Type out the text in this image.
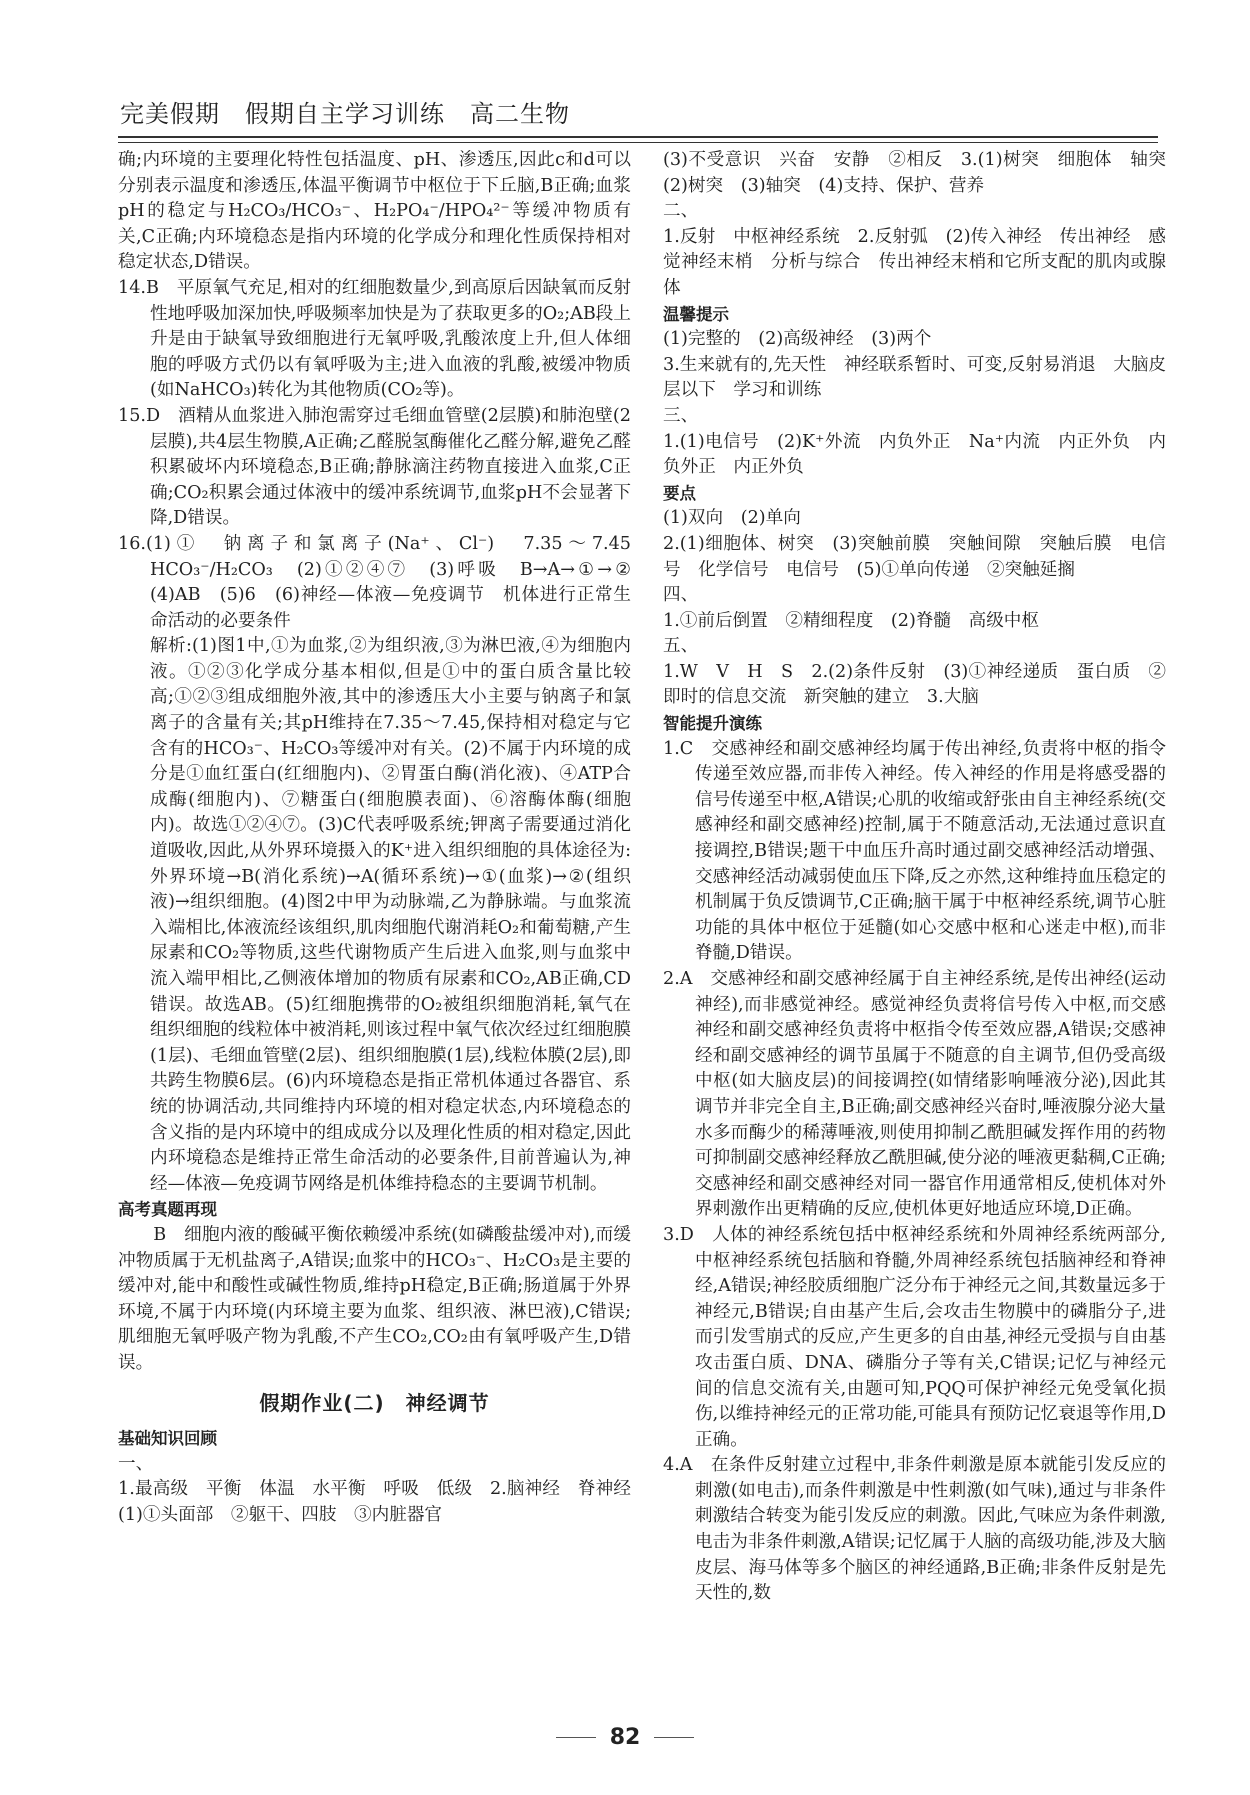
完美假期　假期自主学习训练　高二生物

确;内环境的主要理化特性包括温度、pH、渗透压,因此c和d可以分别表示温度和渗透压,体温平衡调节中枢位于下丘脑,B正确;血浆pH的稳定与H₂CO₃/HCO₃⁻、H₂PO₄⁻/HPO₄²⁻等缓冲物质有关,C正确;内环境稳态是指内环境的化学成分和理化性质保持相对稳定状态,D错误。

14.B　平原氧气充足,相对的红细胞数量少,到高原后因缺氧而反射性地呼吸加深加快,呼吸频率加快是为了获取更多的O₂;AB段上升是由于缺氧导致细胞进行无氧呼吸,乳酸浓度上升,但人体细胞的呼吸方式仍以有氧呼吸为主;进入血液的乳酸,被缓冲物质(如NaHCO₃)转化为其他物质(CO₂等)。

15.D　酒精从血浆进入肺泡需穿过毛细血管壁(2层膜)和肺泡壁(2层膜),共4层生物膜,A正确;乙醛脱氢酶催化乙醛分解,避免乙醛积累破坏内环境稳态,B正确;静脉滴注药物直接进入血浆,C正确;CO₂积累会通过体液中的缓冲系统调节,血浆pH不会显著下降,D错误。

16.(1)①　钠离子和氯离子(Na⁺、Cl⁻)　7.35～7.45　HCO₃⁻/H₂CO₃　(2)①②④⑦　(3)呼吸　B→A→①→②　(4)AB　(5)6　(6)神经—体液—免疫调节　机体进行正常生命活动的必要条件

解析:(1)图1中,①为血浆,②为组织液,③为淋巴液,④为细胞内液。①②③化学成分基本相似,但是①中的蛋白质含量比较高;①②③组成细胞外液,其中的渗透压大小主要与钠离子和氯离子的含量有关;其pH维持在7.35～7.45,保持相对稳定与它含有的HCO₃⁻、H₂CO₃等缓冲对有关。(2)不属于内环境的成分是①血红蛋白(红细胞内)、②胃蛋白酶(消化液)、④ATP合成酶(细胞内)、⑦糖蛋白(细胞膜表面)、⑥溶酶体酶(细胞内)。故选①②④⑦。(3)C代表呼吸系统;钾离子需要通过消化道吸收,因此,从外界环境摄入的K⁺进入组织细胞的具体途径为:外界环境→B(消化系统)→A(循环系统)→①(血浆)→②(组织液)→组织细胞。(4)图2中甲为动脉端,乙为静脉端。与血浆流入端相比,体液流经该组织,肌肉细胞代谢消耗O₂和葡萄糖,产生尿素和CO₂等物质,这些代谢物质产生后进入血浆,则与血浆中流入端甲相比,乙侧液体增加的物质有尿素和CO₂,AB正确,CD错误。故选AB。(5)红细胞携带的O₂被组织细胞消耗,氧气在组织细胞的线粒体中被消耗,则该过程中氧气依次经过红细胞膜(1层)、毛细血管壁(2层)、组织细胞膜(1层),线粒体膜(2层),即共跨生物膜6层。(6)内环境稳态是指正常机体通过各器官、系统的协调活动,共同维持内环境的相对稳定状态,内环境稳态的含义指的是内环境中的组成成分以及理化性质的相对稳定,因此内环境稳态是维持正常生命活动的必要条件,目前普遍认为,神经—体液—免疫调节网络是机体维持稳态的主要调节机制。

高考真题再现

B　细胞内液的酸碱平衡依赖缓冲系统(如磷酸盐缓冲对),而缓冲物质属于无机盐离子,A错误;血浆中的HCO₃⁻、H₂CO₃是主要的缓冲对,能中和酸性或碱性物质,维持pH稳定,B正确;肠道属于外界环境,不属于内环境(内环境主要为血浆、组织液、淋巴液),C错误;肌细胞无氧呼吸产物为乳酸,不产生CO₂,CO₂由有氧呼吸产生,D错误。

假期作业(二)　神经调节

基础知识回顾

一、

1.最高级　平衡　体温　水平衡　呼吸　低级　2.脑神经　脊神经　(1)①头面部　②躯干、四肢　③内脏器官

(3)不受意识　兴奋　安静　②相反　3.(1)树突　细胞体　轴突　(2)树突　(3)轴突　(4)支持、保护、营养

二、

1.反射　中枢神经系统　2.反射弧　(2)传入神经　传出神经　感觉神经末梢　分析与综合　传出神经末梢和它所支配的肌肉或腺体

温馨提示

(1)完整的　(2)高级神经　(3)两个

3.生来就有的,先天性　神经联系暂时、可变,反射易消退　大脑皮层以下　学习和训练

三、

1.(1)电信号　(2)K⁺外流　内负外正　Na⁺内流　内正外负　内负外正　内正外负

要点

(1)双向　(2)单向

2.(1)细胞体、树突　(3)突触前膜　突触间隙　突触后膜　电信号　化学信号　电信号　(5)①单向传递　②突触延搁

四、

1.①前后倒置　②精细程度　(2)脊髓　高级中枢

五、

1.W　V　H　S　2.(2)条件反射　(3)①神经递质　蛋白质　②即时的信息交流　新突触的建立　3.大脑

智能提升演练

1.C　交感神经和副交感神经均属于传出神经,负责将中枢的指令传递至效应器,而非传入神经。传入神经的作用是将感受器的信号传递至中枢,A错误;心肌的收缩或舒张由自主神经系统(交感神经和副交感神经)控制,属于不随意活动,无法通过意识直接调控,B错误;题干中血压升高时通过副交感神经活动增强、交感神经活动减弱使血压下降,反之亦然,这种维持血压稳定的机制属于负反馈调节,C正确;脑干属于中枢神经系统,调节心脏功能的具体中枢位于延髓(如心交感中枢和心迷走中枢),而非脊髓,D错误。

2.A　交感神经和副交感神经属于自主神经系统,是传出神经(运动神经),而非感觉神经。感觉神经负责将信号传入中枢,而交感神经和副交感神经负责将中枢指令传至效应器,A错误;交感神经和副交感神经的调节虽属于不随意的自主调节,但仍受高级中枢(如大脑皮层)的间接调控(如情绪影响唾液分泌),因此其调节并非完全自主,B正确;副交感神经兴奋时,唾液腺分泌大量水多而酶少的稀薄唾液,则使用抑制乙酰胆碱发挥作用的药物可抑制副交感神经释放乙酰胆碱,使分泌的唾液更黏稠,C正确;交感神经和副交感神经对同一器官作用通常相反,使机体对外界刺激作出更精确的反应,使机体更好地适应环境,D正确。

3.D　人体的神经系统包括中枢神经系统和外周神经系统两部分,中枢神经系统包括脑和脊髓,外周神经系统包括脑神经和脊神经,A错误;神经胶质细胞广泛分布于神经元之间,其数量远多于神经元,B错误;自由基产生后,会攻击生物膜中的磷脂分子,进而引发雪崩式的反应,产生更多的自由基,神经元受损与自由基攻击蛋白质、DNA、磷脂分子等有关,C错误;记忆与神经元间的信息交流有关,由题可知,PQQ可保护神经元免受氧化损伤,以维持神经元的正常功能,可能具有预防记忆衰退等作用,D正确。

4.A　在条件反射建立过程中,非条件刺激是原本就能引发反应的刺激(如电击),而条件刺激是中性刺激(如气味),通过与非条件刺激结合转变为能引发反应的刺激。因此,气味应为条件刺激,电击为非条件刺激,A错误;记忆属于人脑的高级功能,涉及大脑皮层、海马体等多个脑区的神经通路,B正确;非条件反射是先天性的,数

82
